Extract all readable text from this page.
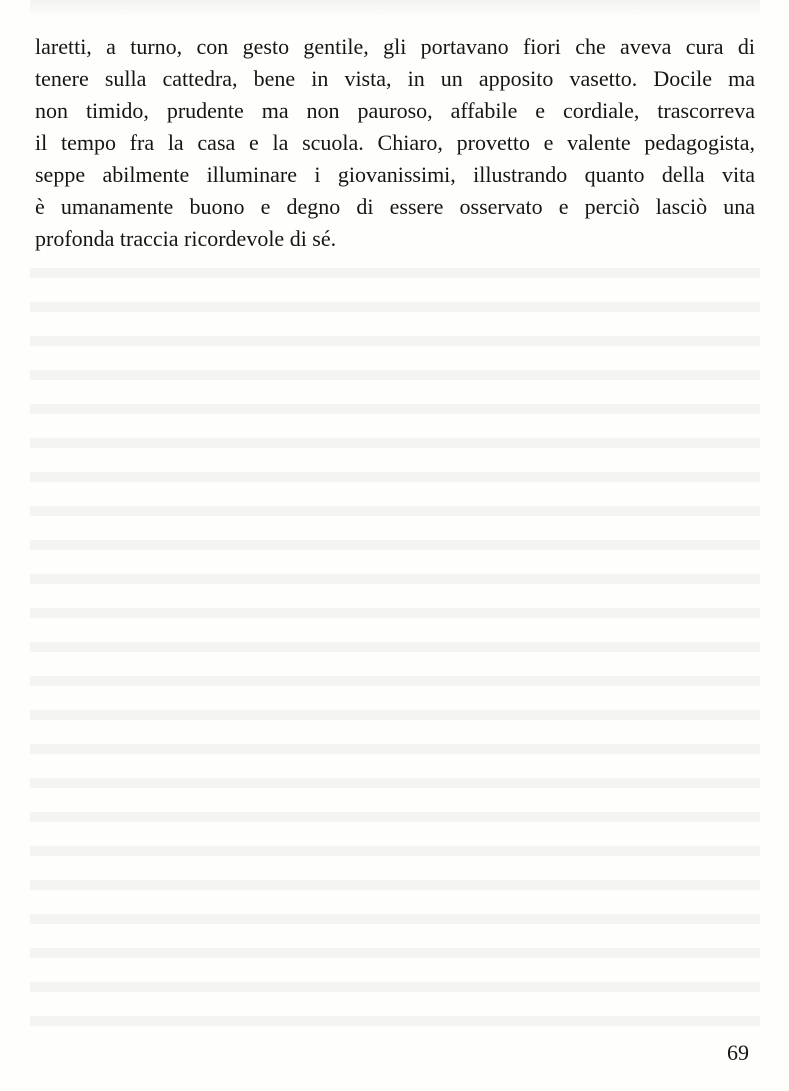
laretti, a turno, con gesto gentile, gli portavano fiori che aveva cura di
tenere sulla cattedra, bene in vista, in un apposito vasetto. Docile ma
non timido, prudente ma non pauroso, affabile e cordiale, trascorreva
il tempo fra la casa e la scuola. Chiaro, provetto e valente pedagogista,
seppe abilmente illuminare i giovanissimi, illustrando quanto della vita
è umanamente buono e degno di essere osservato e perciò lasciò una
profonda traccia ricordevole di sé.
69
